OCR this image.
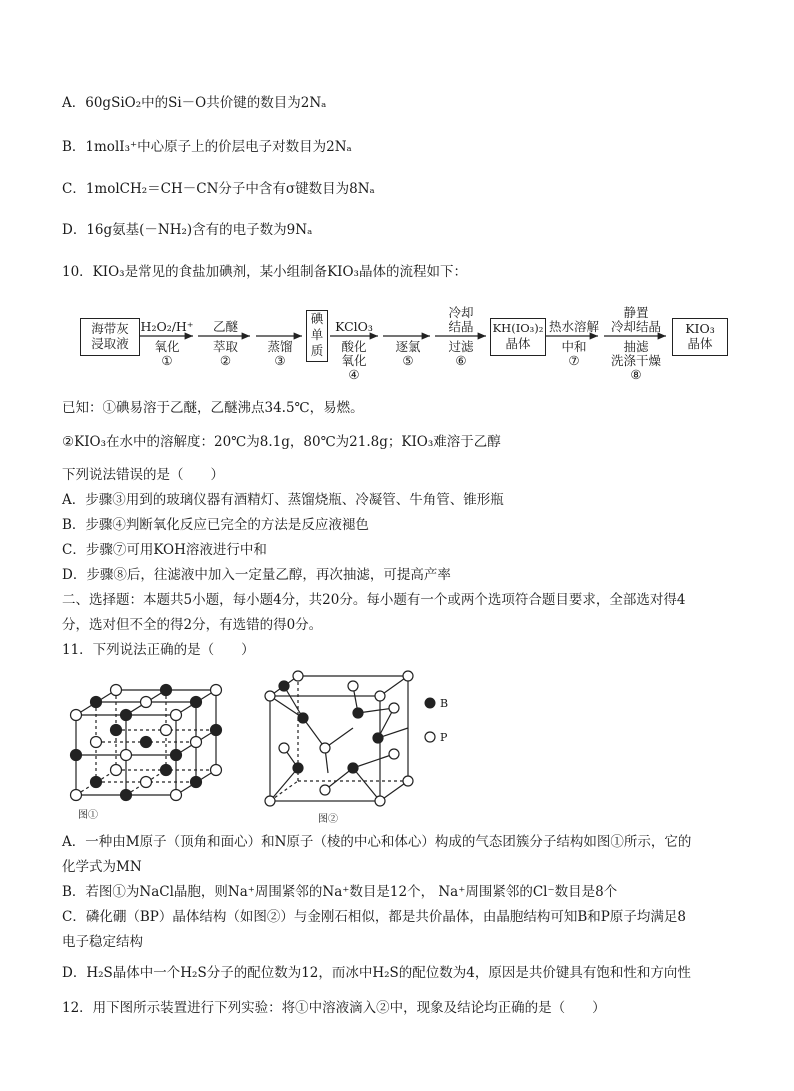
A．60gSiO₂中的Si－O共价键的数目为2Nₐ
B．1molI₃⁺中心原子上的价层电子对数目为2Nₐ
C．1molCH₂＝CH－CN分子中含有σ键数目为8Nₐ
D．16g氨基(－NH₂)含有的电子数为9Nₐ
10．KIO₃是常见的食盐加碘剂，某小组制备KIO₃晶体的流程如下：
海带灰
浸取液
H₂O₂/H⁺
氧化
①
乙醚
萃取
②
蒸馏
③
碘
单
质
KClO₃
酸化
氧化
④
逐氯
⑤
冷却
结晶
过滤
⑥
KH(IO₃)₂
晶体
热水溶解
中和
⑦
静置
冷却结晶
抽滤
洗涤干燥
⑧
KIO₃
晶体
已知：①碘易溶于乙醚，乙醚沸点34.5℃，易燃。
②KIO₃在水中的溶解度：20℃为8.1g，80℃为21.8g；KIO₃难溶于乙醇
下列说法错误的是（　　）
A．步骤③用到的玻璃仪器有酒精灯、蒸馏烧瓶、冷凝管、牛角管、锥形瓶
B．步骤④判断氧化反应已完全的方法是反应液褪色
C．步骤⑦可用KOH溶液进行中和
D．步骤⑧后，往滤液中加入一定量乙醇，再次抽滤，可提高产率
二、选择题：本题共5小题，每小题4分，共20分。每小题有一个或两个选项符合题目要求，全部选对得4
分，选对但不全的得2分，有选错的得0分。
11．下列说法正确的是（　　）
图①
B
P
图②
A．一种由M原子（顶角和面心）和N原子（棱的中心和体心）构成的气态团簇分子结构如图①所示，它的
化学式为MN
B．若图①为NaCl晶胞，则Na⁺周围紧邻的Na⁺数目是12个， Na⁺周围紧邻的Cl⁻数目是8个
C．磷化硼（BP）晶体结构（如图②）与金刚石相似，都是共价晶体，由晶胞结构可知B和P原子均满足8
电子稳定结构
D．H₂S晶体中一个H₂S分子的配位数为12，而冰中H₂S的配位数为4，原因是共价键具有饱和性和方向性
12．用下图所示装置进行下列实验：将①中溶液滴入②中，现象及结论均正确的是（　　）
